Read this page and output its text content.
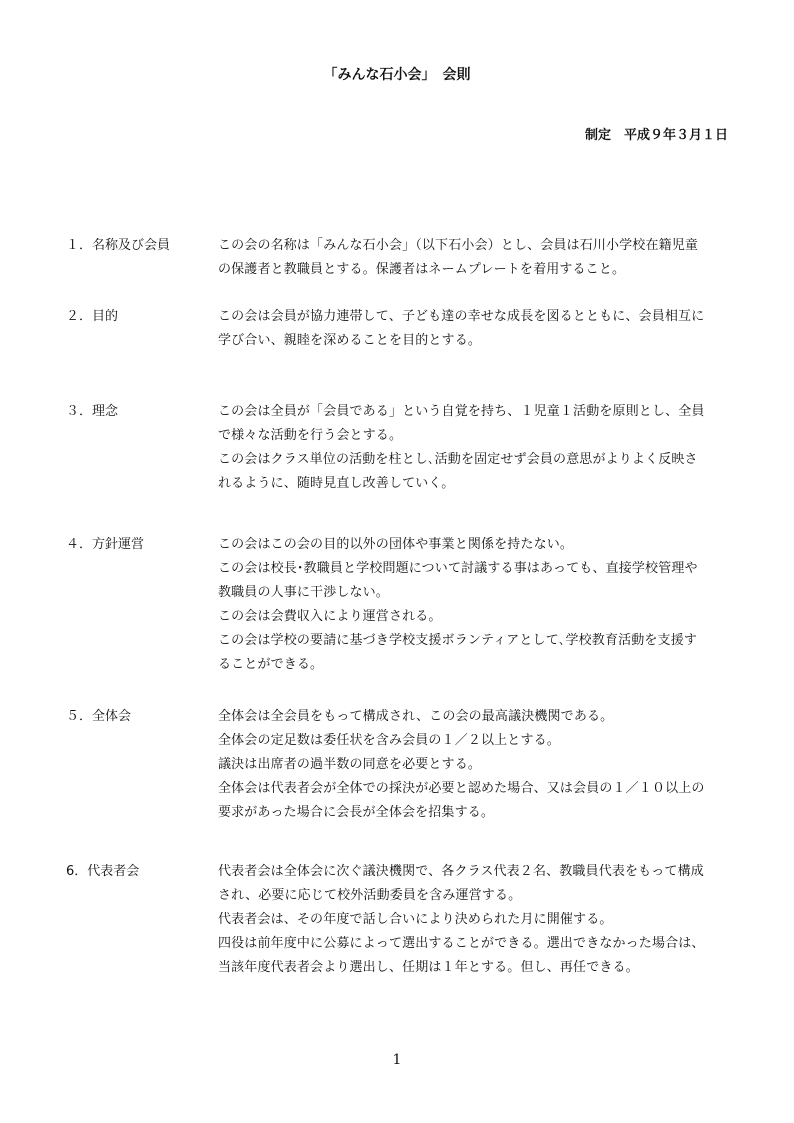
「みんな石小会」　会則
制定　平成９年３月１日
１．名称及び会員	この会の名称は「みんな石小会」（以下石小会）とし、会員は石川小学校在籍児童
の保護者と教職員とする。保護者はネームプレートを着用すること。
２．目的	この会は会員が協力連帯して、子ども達の幸せな成長を図るとともに、会員相互に
学び合い、親睦を深めることを目的とする。
３．理念	この会は全員が「会員である」という自覚を持ち、１児童１活動を原則とし、全員
で様々な活動を行う会とする。
この会はクラス単位の活動を柱とし､活動を固定せず会員の意思がよりよく反映さ
れるように、随時見直し改善していく。
４．方針運営	この会はこの会の目的以外の団体や事業と関係を持たない。
この会は校長･教職員と学校問題について討議する事はあっても、直接学校管理や
教職員の人事に干渉しない。
この会は会費収入により運営される。
この会は学校の要請に基づき学校支援ボランティアとして､学校教育活動を支援す
ることができる。
５．全体会	全体会は全会員をもって構成され、この会の最高議決機関である。
全体会の定足数は委任状を含み会員の１／２以上とする。
議決は出席者の過半数の同意を必要とする。
全体会は代表者会が全体での採決が必要と認めた場合、又は会員の１／１０以上の
要求があった場合に会長が全体会を招集する。
6．代表者会	代表者会は全体会に次ぐ議決機関で、各クラス代表２名、教職員代表をもって構成
され、必要に応じて校外活動委員を含み運営する。
代表者会は、その年度で話し合いにより決められた月に開催する。
四役は前年度中に公募によって選出することができる。選出できなかった場合は、
当該年度代表者会より選出し、任期は１年とする。但し、再任できる。
1
